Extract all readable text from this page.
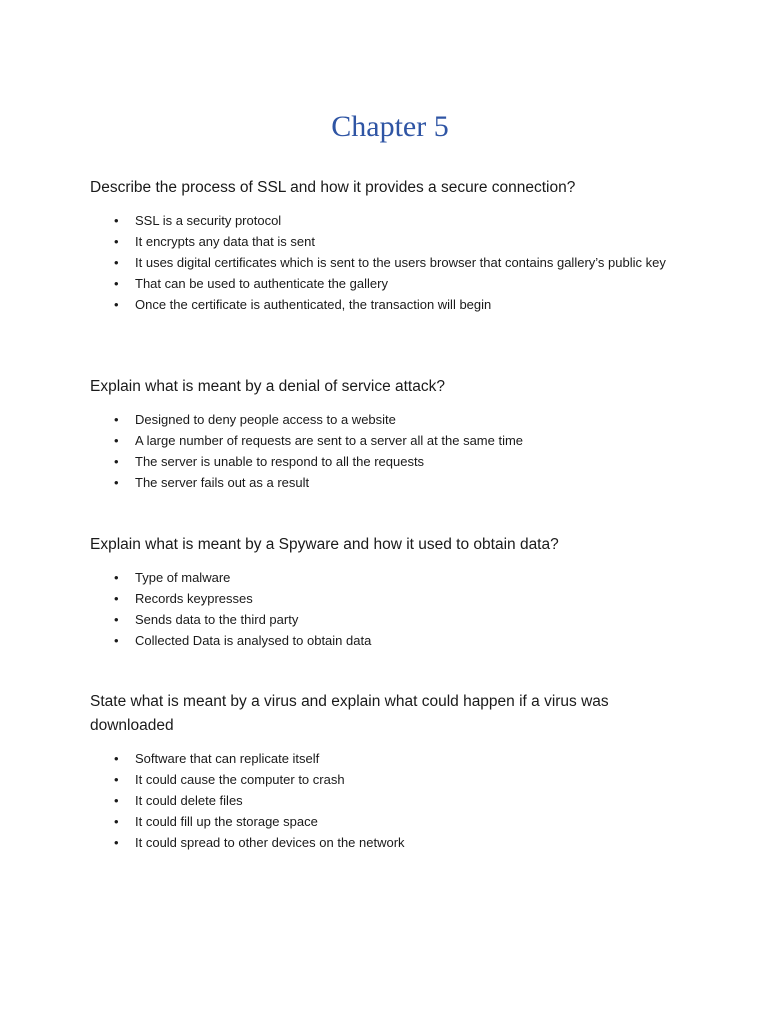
Chapter 5
Describe the process of SSL and how it provides a secure connection?
• SSL is a security protocol
• It encrypts any data that is sent
• It uses digital certificates which is sent to the users browser that contains gallery’s public key
• That can be used to authenticate the gallery
• Once the certificate is authenticated, the transaction will begin
Explain what is meant by a denial of service attack?
• Designed to deny people access to a website
• A large number of requests are sent to a server all at the same time
• The server is unable to respond to all the requests
• The server fails out as a result
Explain what is meant by a Spyware and how it used to obtain data?
• Type of malware
• Records keypresses
• Sends data to the third party
• Collected Data is analysed to obtain data
State what is meant by a virus and explain what could happen if a virus was downloaded
• Software that can replicate itself
• It could cause the computer to crash
• It could delete files
• It could fill up the storage space
• It could spread to other devices on the network
